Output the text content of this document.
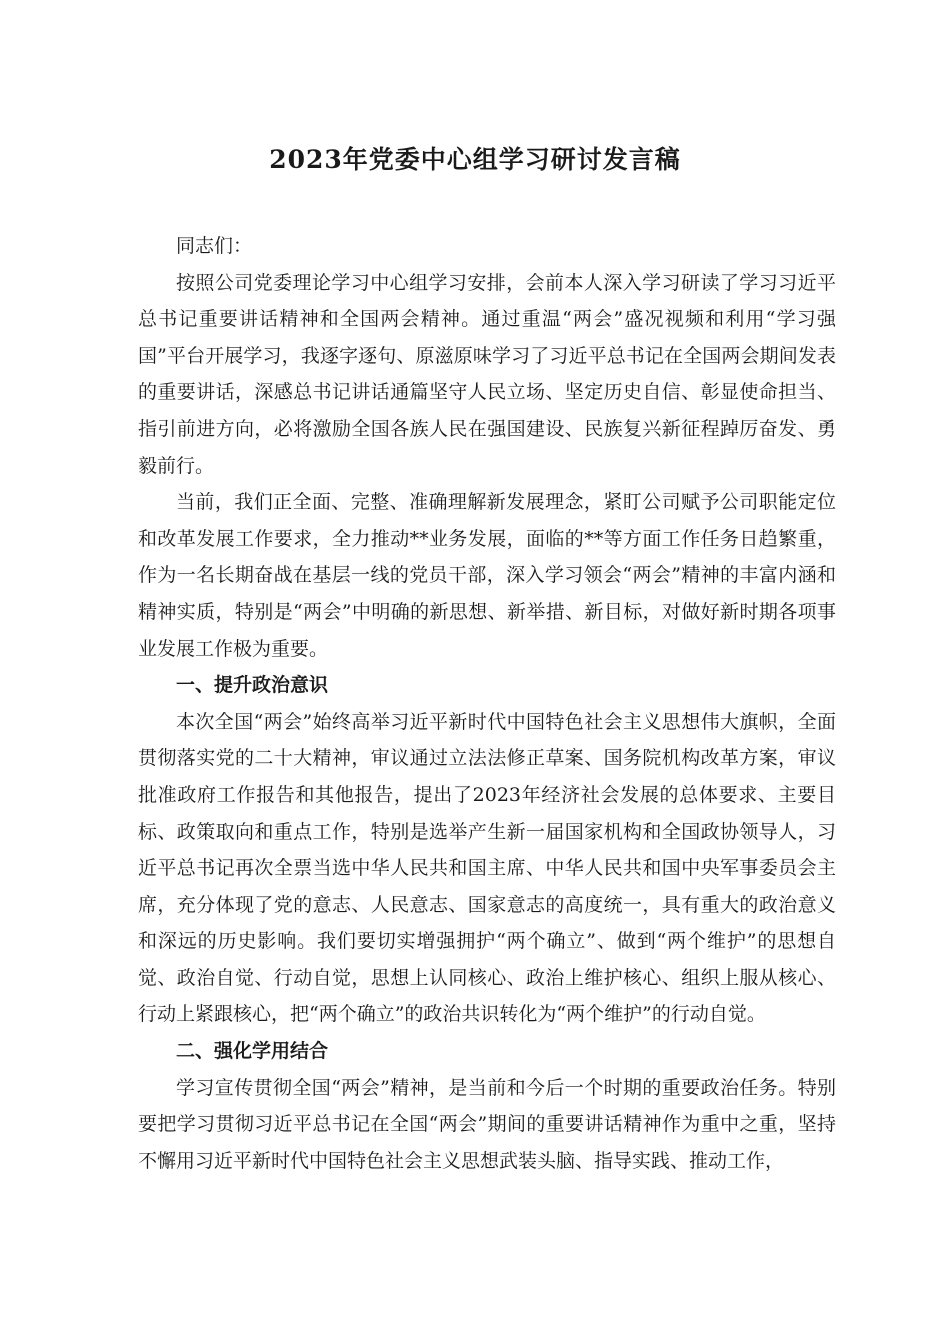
2023年党委中心组学习研讨发言稿

同志们：

按照公司党委理论学习中心组学习安排，会前本人深入学习研读了学习习近平总书记重要讲话精神和全国两会精神。通过重温“两会”盛况视频和利用“学习强国”平台开展学习，我逐字逐句、原滋原味学习了习近平总书记在全国两会期间发表的重要讲话，深感总书记讲话通篇坚守人民立场、坚定历史自信、彰显使命担当、指引前进方向，必将激励全国各族人民在强国建设、民族复兴新征程踔厉奋发、勇毅前行。

当前，我们正全面、完整、准确理解新发展理念，紧盯公司赋予公司职能定位和改革发展工作要求，全力推动**业务发展，面临的**等方面工作任务日趋繁重，作为一名长期奋战在基层一线的党员干部，深入学习领会“两会”精神的丰富内涵和精神实质，特别是“两会”中明确的新思想、新举措、新目标，对做好新时期各项事业发展工作极为重要。

一、提升政治意识

本次全国“两会”始终高举习近平新时代中国特色社会主义思想伟大旗帜，全面贯彻落实党的二十大精神，审议通过立法法修正草案、国务院机构改革方案，审议批准政府工作报告和其他报告，提出了2023年经济社会发展的总体要求、主要目标、政策取向和重点工作，特别是选举产生新一届国家机构和全国政协领导人，习近平总书记再次全票当选中华人民共和国主席、中华人民共和国中央军事委员会主席，充分体现了党的意志、人民意志、国家意志的高度统一，具有重大的政治意义和深远的历史影响。我们要切实增强拥护“两个确立”、做到“两个维护”的思想自觉、政治自觉、行动自觉，思想上认同核心、政治上维护核心、组织上服从核心、行动上紧跟核心，把“两个确立”的政治共识转化为“两个维护”的行动自觉。

二、强化学用结合

学习宣传贯彻全国“两会”精神，是当前和今后一个时期的重要政治任务。特别要把学习贯彻习近平总书记在全国“两会”期间的重要讲话精神作为重中之重，坚持不懈用习近平新时代中国特色社会主义思想武装头脑、指导实践、推动工作，
